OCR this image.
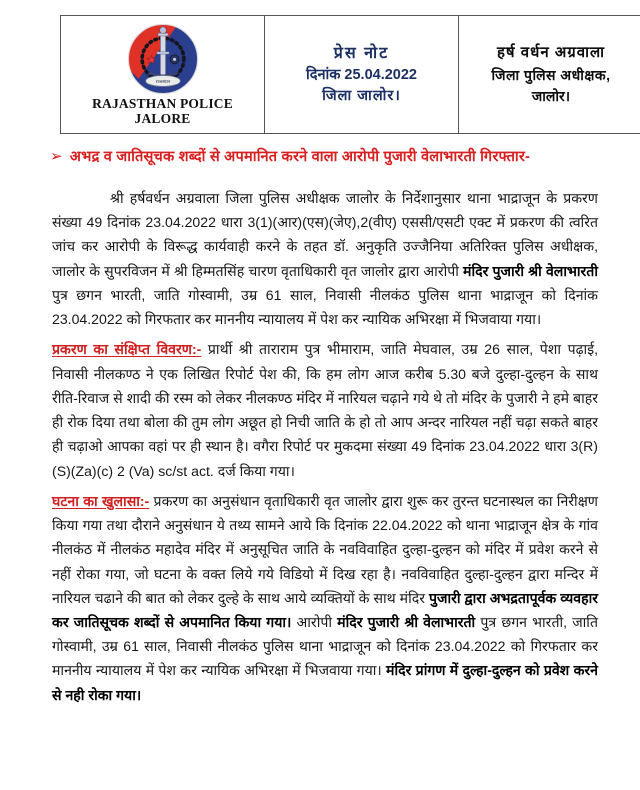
राजस्थान
RAJASTHAN POLICE
JALORE

प्रेस नोट
दिनांक 25.04.2022
जिला जालोर।

हर्ष वर्धन अग्रवाला
जिला पुलिस अधीक्षक,
जालोर।
➢ अभद्र व जातिसूचक शब्दों से अपमानित करने वाला आरोपी पुजारी वेलाभारती गिरफ्तार-

श्री हर्षवर्धन अग्रवाला जिला पुलिस अधीक्षक जालोर के निर्देशानुसार थाना भाद्राजून के प्रकरण संख्या 49 दिनांक 23.04.2022 धारा 3(1)(आर)(एस)(जेए),2(वीए) एससी/एसटी एक्ट में प्रकरण की त्वरित जांच कर आरोपी के विरूद्ध कार्यवाही करने के तहत डॉ. अनुकृति उज्जैनिया अतिरिक्त पुलिस अधीक्षक, जालोर के सुपरविजन में श्री हिम्मतसिंह चारण वृताधिकारी वृत जालोर द्वारा आरोपी मंदिर पुजारी श्री वेलाभारती पुत्र छगन भारती, जाति गोस्वामी, उम्र 61 साल, निवासी नीलकंठ पुलिस थाना भाद्राजून को दिनांक 23.04.2022 को गिरफतार कर माननीय न्यायालय में पेश कर न्यायिक अभिरक्षा में भिजवाया गया।

प्रकरण का संक्षिप्त विवरण:- प्रार्थी श्री ताराराम पुत्र भीमाराम, जाति मेघवाल, उम्र 26 साल, पेशा पढ़ाई, निवासी नीलकण्ठ ने एक लिखित रिपोर्ट पेश की, कि हम लोग आज करीब 5.30 बजे दुल्हा-दुल्हन के साथ रीति-रिवाज से शादी की रस्म को लेकर नीलकण्ठ मंदिर में नारियल चढ़ाने गये थे तो मंदिर के पुजारी ने हमे बाहर ही रोक दिया तथा बोला की तुम लोग अछूत हो निची जाति के हो तो आप अन्दर नारियल नहीं चढ़ा सकते बाहर ही चढ़ाओ आपका वहां पर ही स्थान है। वगैरा रिपोर्ट पर मुकदमा संख्या 49 दिनांक 23.04.2022 धारा 3(R)(S)(Za)(c) 2 (Va) sc/st act. दर्ज किया गया।

घटना का खुलासा:- प्रकरण का अनुसंधान वृताधिकारी वृत जालोर द्वारा शुरू कर तुरन्त घटनास्थल का निरीक्षण किया गया तथा दौराने अनुसंधान ये तथ्य सामने आये कि दिनांक 22.04.2022 को थाना भाद्राजून क्षेत्र के गांव नीलकंठ में नीलकंठ महादेव मंदिर में अनुसूचित जाति के नवविवाहित दुल्हा-दुल्हन को मंदिर में प्रवेश करने से नहीं रोका गया, जो घटना के वक्त लिये गये विडियो में दिख रहा है। नवविवाहित दुल्हा-दुल्हन द्वारा मन्दिर में नारियल चढाने की बात को लेकर दुल्हे के साथ आये व्यक्तियों के साथ मंदिर पुजारी द्वारा अभद्रतापूर्वक व्यवहार कर जातिसूचक शब्दों से अपमानित किया गया। आरोपी मंदिर पुजारी श्री वेलाभारती पुत्र छगन भारती, जाति गोस्वामी, उम्र 61 साल, निवासी नीलकंठ पुलिस थाना भाद्राजून को दिनांक 23.04.2022 को गिरफतार कर माननीय न्यायालय में पेश कर न्यायिक अभिरक्षा में भिजवाया गया। मंदिर प्रांगण में दुल्हा-दुल्हन को प्रवेश करने से नही रोका गया।
